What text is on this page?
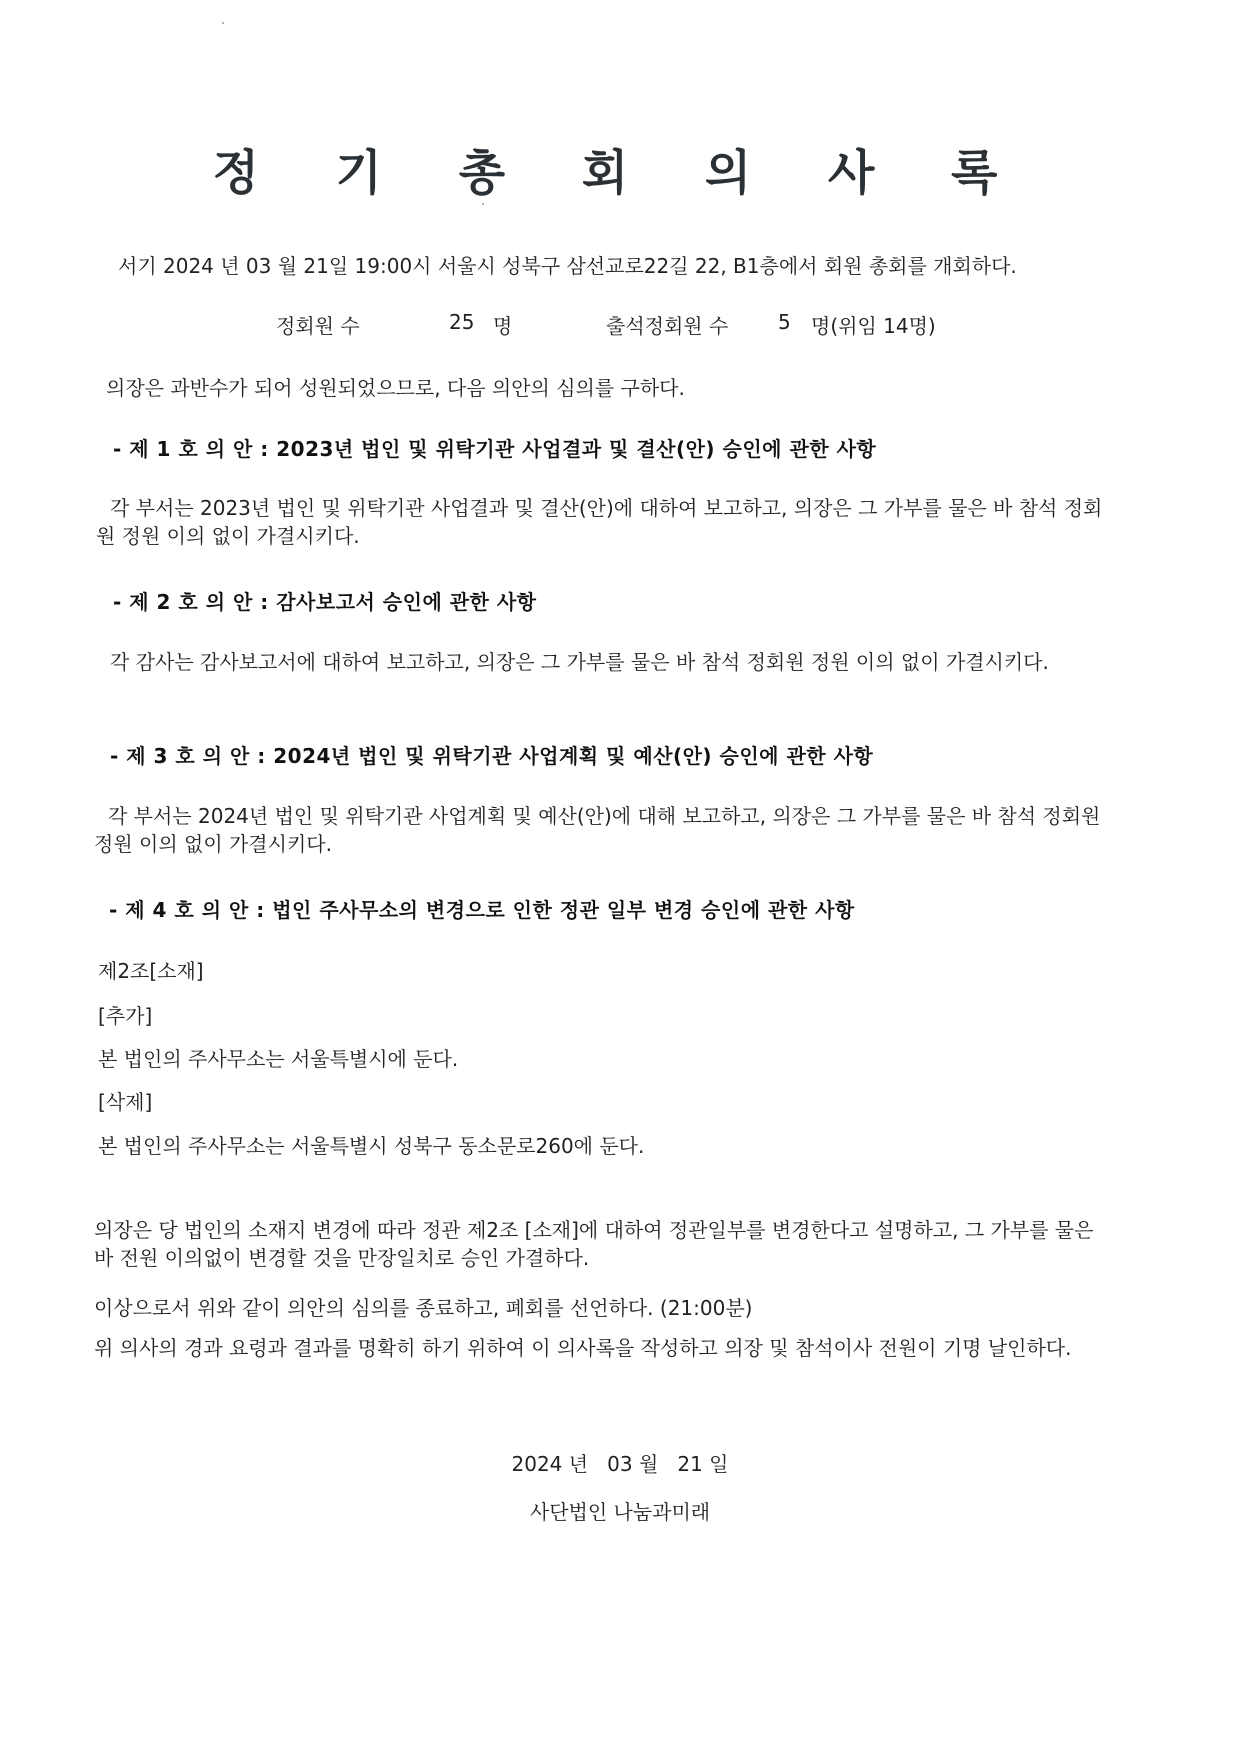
정 기 총 회 의 사 록
서기 2024 년 03 월 21일 19:00시 서울시 성북구 삼선교로22길 22, B1층에서 회원 총회를 개회하다.
정회원 수	25 명	출석정회원 수 5 명(위임 14명)
의장은 과반수가 되어 성원되었으므로, 다음 의안의 심의를 구하다.
- 제 1 호 의 안 : 2023년 법인 및 위탁기관 사업결과 및 결산(안) 승인에 관한 사항
각 부서는 2023년 법인 및 위탁기관 사업결과 및 결산(안)에 대하여 보고하고, 의장은 그 가부를 물은 바 참석 정회원 정원 이의 없이 가결시키다.
- 제 2 호 의 안 : 감사보고서 승인에 관한 사항
각 감사는 감사보고서에 대하여 보고하고, 의장은 그 가부를 물은 바 참석 정회원 정원 이의 없이 가결시키다.
- 제 3 호 의 안 : 2024년 법인 및 위탁기관 사업계획 및 예산(안) 승인에 관한 사항
각 부서는 2024년 법인 및 위탁기관 사업계획 및 예산(안)에 대해 보고하고, 의장은 그 가부를 물은 바 참석 정회원 정원 이의 없이 가결시키다.
- 제 4 호 의 안 : 법인 주사무소의 변경으로 인한 정관 일부 변경 승인에 관한 사항
제2조[소재]
[추가]
본 법인의 주사무소는 서울특별시에 둔다.
[삭제]
본 법인의 주사무소는 서울특별시 성북구 동소문로260에 둔다.
의장은 당 법인의 소재지 변경에 따라 정관 제2조 [소재]에 대하여 정관일부를 변경한다고 설명하고, 그 가부를 물은바 전원 이의없이 변경할 것을 만장일치로 승인 가결하다.
이상으로서 위와 같이 의안의 심의를 종료하고, 폐회를 선언하다. (21:00분)
위 의사의 경과 요령과 결과를 명확히 하기 위하여 이 의사록을 작성하고 의장 및 참석이사 전원이 기명 날인하다.
2024 년   03 월   21 일
사단법인 나눔과미래
